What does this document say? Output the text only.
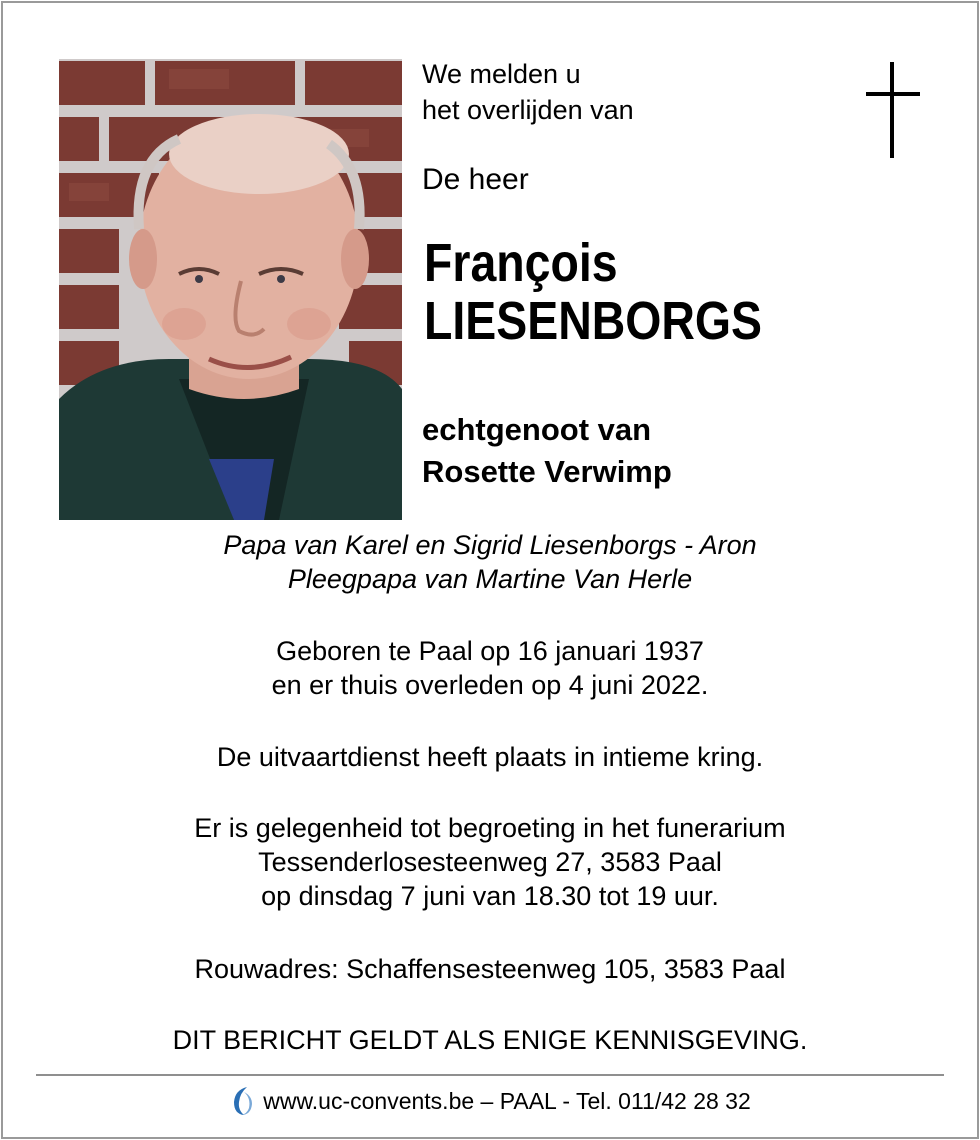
We melden u
het overlijden van
De heer
François
LIESENBORGS
echtgenoot van
Rosette Verwimp
Papa van Karel en Sigrid Liesenborgs - Aron
Pleegpapa van Martine Van Herle
Geboren te Paal op 16 januari 1937
en er thuis overleden op 4 juni 2022.
De uitvaartdienst heeft plaats in intieme kring.
Er is gelegenheid tot begroeting in het funerarium
Tessenderlosesteenweg 27, 3583 Paal
op dinsdag 7 juni van 18.30 tot 19 uur.
Rouwadres: Schaffensesteenweg 105, 3583 Paal
DIT BERICHT GELDT ALS ENIGE KENNISGEVING.
www.uc-convents.be – PAAL - Tel. 011/42 28 32
